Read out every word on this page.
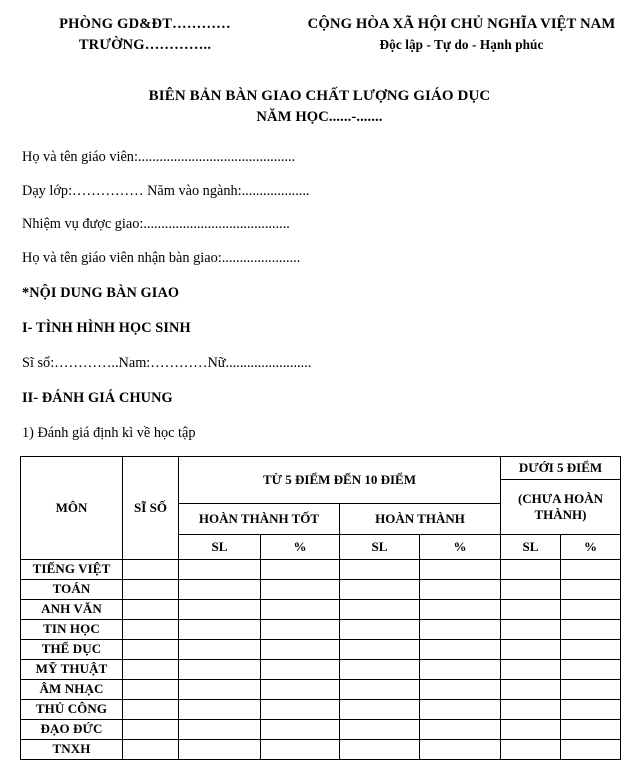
PHÒNG GD&ĐT…………
TRƯỜNG…………..
CỘNG HÒA XÃ HỘI CHỦ NGHĨA VIỆT NAM
Độc lập - Tự do - Hạnh phúc
BIÊN BẢN BÀN GIAO CHẤT LƯỢNG GIÁO DỤC
NĂM HỌC......-.......
Họ và tên giáo viên:............................................
Dạy lớp:…………… Năm vào ngành:...................
Nhiệm vụ được giao:.........................................
Họ và tên giáo viên nhận bàn giao:......................
*NỘI DUNG BÀN GIAO
I- TÌNH HÌNH HỌC SINH
Sĩ số:…………..Nam:…………Nữ........................
II- ĐÁNH GIÁ CHUNG
1) Đánh giá định kì về học tập
MÔN	SĨ SỐ	TỪ 5 ĐIỂM ĐẾN 10 ĐIỂM				DƯỚI 5 ĐIỂM	
						(CHƯA HOÀN THÀNH)	
		HOÀN THÀNH TỐT		HOÀN THÀNH			
		SL	%	SL	%	SL	%
TIẾNG VIỆT							
TOÁN							
ANH VĂN							
TIN HỌC							
THỂ DỤC							
MỸ THUẬT							
ÂM NHẠC							
THỦ CÔNG							
ĐẠO ĐỨC							
TNXH							
